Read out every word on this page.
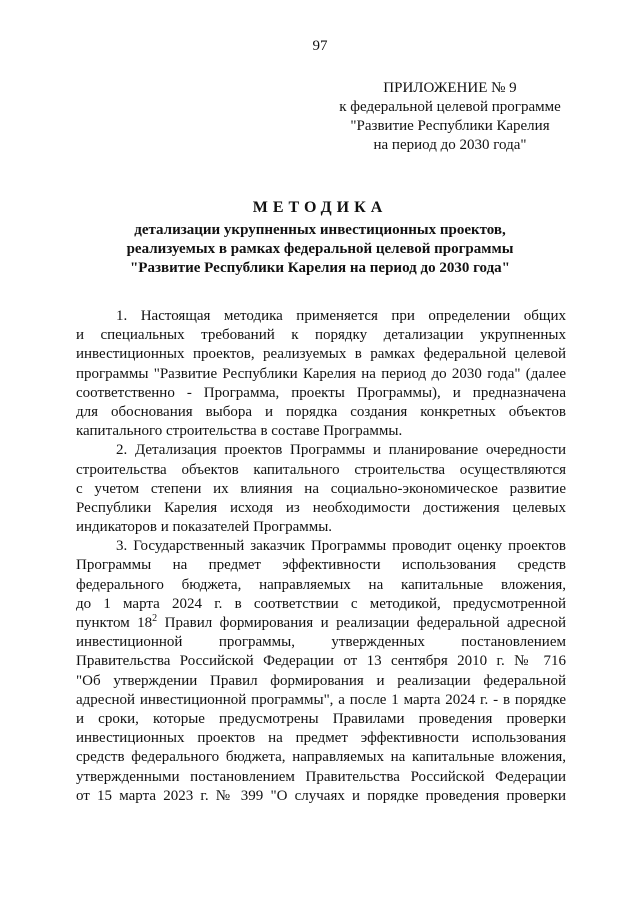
97
ПРИЛОЖЕНИЕ № 9
к федеральной целевой программе
"Развитие Республики Карелия
на период до 2030 года"
МЕТОДИКА
детализации укрупненных инвестиционных проектов,
реализуемых в рамках федеральной целевой программы
"Развитие Республики Карелия на период до 2030 года"
1. Настоящая методика применяется при определении общих
и специальных требований к порядку детализации укрупненных
инвестиционных проектов, реализуемых в рамках федеральной целевой
программы "Развитие Республики Карелия на период до 2030 года" (далее
соответственно - Программа, проекты Программы), и предназначена
для обоснования выбора и порядка создания конкретных объектов
капитального строительства в составе Программы.
2. Детализация проектов Программы и планирование очередности
строительства объектов капитального строительства осуществляются
с учетом степени их влияния на социально-экономическое развитие
Республики Карелия исходя из необходимости достижения целевых
индикаторов и показателей Программы.
3. Государственный заказчик Программы проводит оценку проектов
Программы на предмет эффективности использования средств
федерального бюджета, направляемых на капитальные вложения,
до 1 марта 2024 г. в соответствии с методикой, предусмотренной
пунктом $18^2$ Правил формирования и реализации федеральной адресной
инвестиционной программы, утвержденных постановлением
Правительства Российской Федерации от 13 сентября 2010 г. № 716
"Об утверждении Правил формирования и реализации федеральной
адресной инвестиционной программы", а после 1 марта 2024 г. - в порядке
и сроки, которые предусмотрены Правилами проведения проверки
инвестиционных проектов на предмет эффективности использования
средств федерального бюджета, направляемых на капитальные вложения,
утвержденными постановлением Правительства Российской Федерации
от 15 марта 2023 г. № 399 "О случаях и порядке проведения проверки
